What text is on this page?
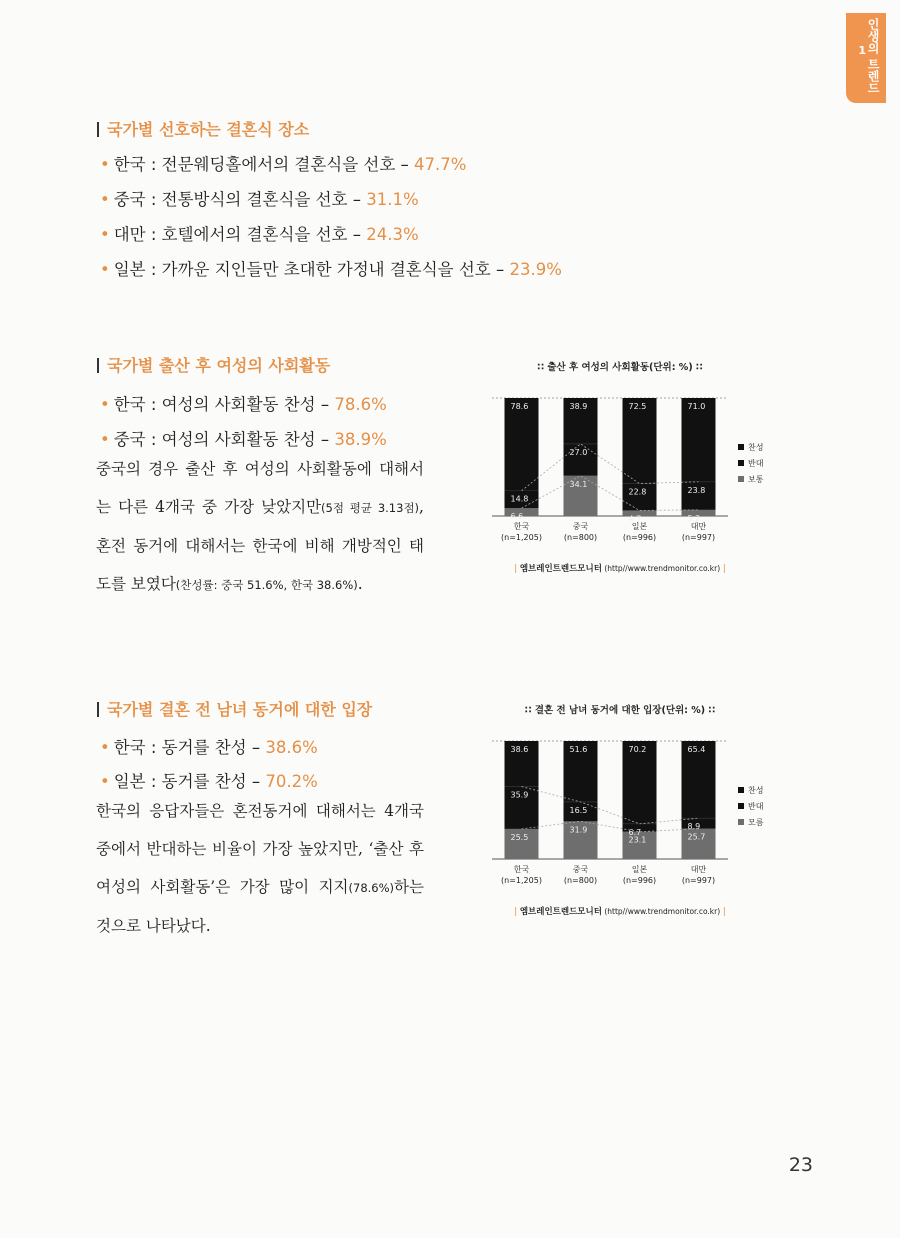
인생의 트렌드
1
국가별 선호하는 결혼식 장소
• 한국 : 전문웨딩홀에서의 결혼식을 선호 – 47.7%
• 중국 : 전통방식의 결혼식을 선호 – 31.1%
• 대만 : 호텔에서의 결혼식을 선호 – 24.3%
• 일본 : 가까운 지인들만 초대한 가정내 결혼식을 선호 – 23.9%
국가별 출산 후 여성의 사회활동
• 한국 : 여성의 사회활동 찬성 – 78.6%
• 중국 : 여성의 사회활동 찬성 – 38.9%
중국의 경우 출산 후 여성의 사회활동에 대해서는 다른 4개국 중 가장 낮았지만(5점 평균 3.13점), 혼전 동거에 대해서는 한국에 비해 개방적인 태도를 보였다(찬성률: 중국 51.6%, 한국 38.6%).
국가별 결혼 전 남녀 동거에 대한 입장
• 한국 : 동거를 찬성 – 38.6%
• 일본 : 동거를 찬성 – 70.2%
한국의 응답자들은 혼전동거에 대해서는 4개국 중에서 반대하는 비율이 가장 높았지만, ‘출산 후 여성의 사회활동’은 가장 많이 지지(78.6%)하는 것으로 나타났다.
∷ 출산 후 여성의 사회활동(단위: %) ∷
78.6
14.8
6.6
한국
(n=1,205)
38.9
27.0
34.1
중국
(n=800)
72.5
22.8
4.7
일본
(n=996)
71.0
23.8
5.2
대만
(n=997)
찬성
반대
보통
| 엠브레인트렌드모니터 (http//www.trendmonitor.co.kr) |
∷ 결혼 전 남녀 동거에 대한 입장(단위: %) ∷
38.6
35.9
25.5
한국
(n=1,205)
51.6
16.5
31.9
중국
(n=800)
70.2
6.7
23.1
일본
(n=996)
65.4
8.9
25.7
대만
(n=997)
찬성
반대
모름
| 엠브레인트렌드모니터 (http//www.trendmonitor.co.kr) |
23
